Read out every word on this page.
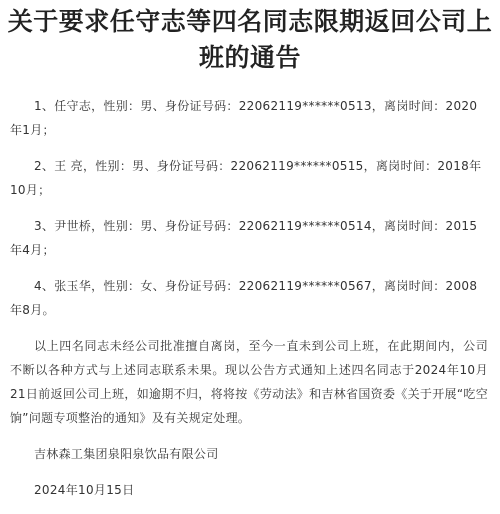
关于要求任守志等四名同志限期返回公司上班的通告

1、任守志，性别：男、身份证号码：22062119******0513，离岗时间：2020年1月；

2、王 亮，性别：男、身份证号码：22062119******0515，离岗时间：2018年10月；

3、尹世桥，性别：男、身份证号码：22062119******0514，离岗时间：2015年4月；

4、张玉华，性别：女、身份证号码：22062119******0567，离岗时间：2008年8月。

以上四名同志未经公司批准擅自离岗，至今一直未到公司上班，在此期间内，公司不断以各种方式与上述同志联系未果。现以公告方式通知上述四名同志于2024年10月21日前返回公司上班，如逾期不归，将将按《劳动法》和吉林省国资委《关于开展“吃空饷”问题专项整治的通知》及有关规定处理。

吉林森工集团泉阳泉饮品有限公司

2024年10月15日
